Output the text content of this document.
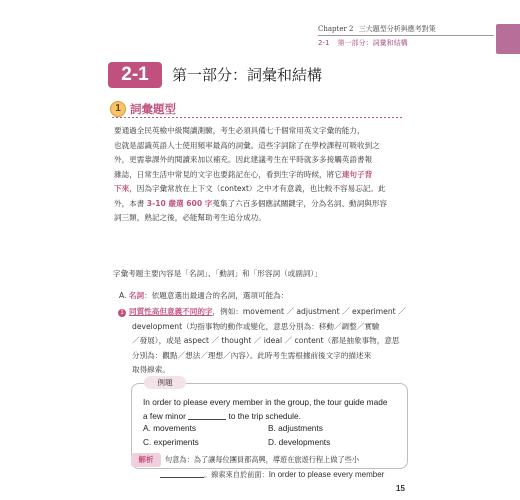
Chapter 2 三大題型分析與應考對策
2-1 第一部分：詞彙和結構
2-1	第一部分：詞彙和結構
1 詞彙題型

要通過全民英檢中級閱讀測驗，考生必須具備七千個常用英文字彙的能力，

也就是認識英語人士使用頻率最高的詞彙。這些字詞除了在學校課程可吸收到之

外，更需靠課外的閱讀來加以補充。因此建議考生在平時就多多接觸英語書報

雜誌，日常生活中常見的文字也要銘記在心，看到生字的時候，將它連句子背

下來，因為字彙常放在上下文（context）之中才有意義，也比較不容易忘記。此

外，本書 3-10 嚴選 600 字蒐集了六百多個應試關鍵字，分為名詞、動詞與形容

詞三類，熟記之後，必能幫助考生追分成功。

字彙考題主要內容是「名詞」、「動詞」和「形容詞（或副詞）」
A. 名詞：依題意選出最適合的名詞，選項可能為：

1 同質性高但意義不同的字，例如：movement ／ adjustment ／ experiment ／

development（均指事物的動作或變化，意思分別為：移動／調整／實驗

／發展），或是 aspect ／ thought ／ ideal ／ content（都是抽象事物，意思

分別為：觀點／想法／理想／內容）。此時考生需根據前後文字的描述來

取得線索。

例題

In order to please every member in the group, the tour guide made

a few minor	to the trip schedule.

A. movements	B. adjustments
C. experiments	D. developments
解析	句意為：為了讓每位團員都高興，導遊在旅遊行程上做了些小

。線索來自於前面：In order to please every member

15
